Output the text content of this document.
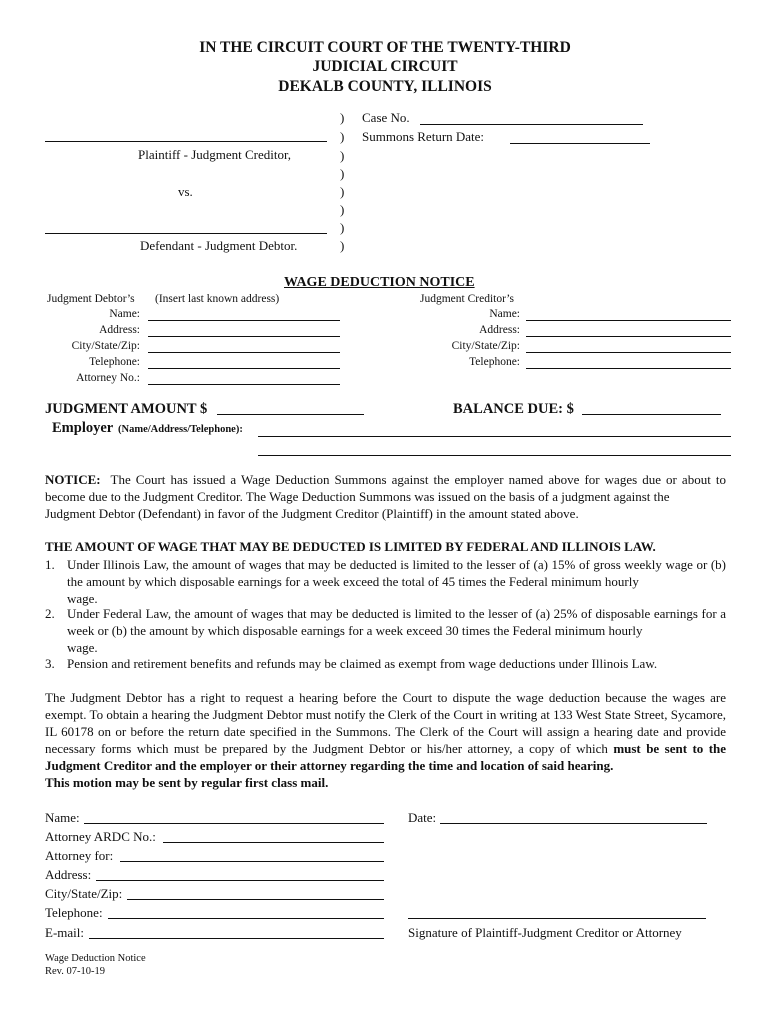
IN THE CIRCUIT COURT OF THE TWENTY-THIRD
JUDICIAL CIRCUIT
DEKALB COUNTY, ILLINOIS
)
)
)
)
)
)
)
)
Plaintiff - Judgment Creditor,
vs.
Defendant - Judgment Debtor.
Case No.
Summons Return Date:
WAGE DEDUCTION NOTICE
Judgment Debtor’s (Insert last known address)
Name:
Address:
City/State/Zip:
Telephone:
Attorney No.:
Judgment Creditor’s
Name:
Address:
City/State/Zip:
Telephone:
JUDGMENT AMOUNT $	BALANCE DUE: $
Employer (Name/Address/Telephone):
NOTICE: The Court has issued a Wage Deduction Summons against the employer named above for wages due or about to become due to the Judgment Creditor. The Wage Deduction Summons was issued on the basis of a judgment against the
Judgment Debtor (Defendant) in favor of the Judgment Creditor (Plaintiff) in the amount stated above.
THE AMOUNT OF WAGE THAT MAY BE DEDUCTED IS LIMITED BY FEDERAL AND ILLINOIS LAW.
1. Under Illinois Law, the amount of wages that may be deducted is limited to the lesser of (a) 15% of gross weekly wage or (b) the amount by which disposable earnings for a week exceed the total of 45 times the Federal minimum hourly
wage.
2. Under Federal Law, the amount of wages that may be deducted is limited to the lesser of (a) 25% of disposable earnings for a week or (b) the amount by which disposable earnings for a week exceed 30 times the Federal minimum hourly
wage.
3. Pension and retirement benefits and refunds may be claimed as exempt from wage deductions under Illinois Law.
The Judgment Debtor has a right to request a hearing before the Court to dispute the wage deduction because the wages are exempt. To obtain a hearing the Judgment Debtor must notify the Clerk of the Court in writing at 133 West State Street, Sycamore, IL 60178 on or before the return date specified in the Summons. The Clerk of the Court will assign a hearing date and provide necessary forms which must be prepared by the Judgment Debtor or his/her attorney, a copy of which must be sent to the Judgment Creditor and the employer or their attorney regarding the time and location of said hearing.
This motion may be sent by regular first class mail.
Name:
Attorney ARDC No.:
Attorney for:
Address:
City/State/Zip:
Telephone:
E-mail:
Date:
Signature of Plaintiff-Judgment Creditor or Attorney
Wage Deduction Notice
Rev. 07-10-19
